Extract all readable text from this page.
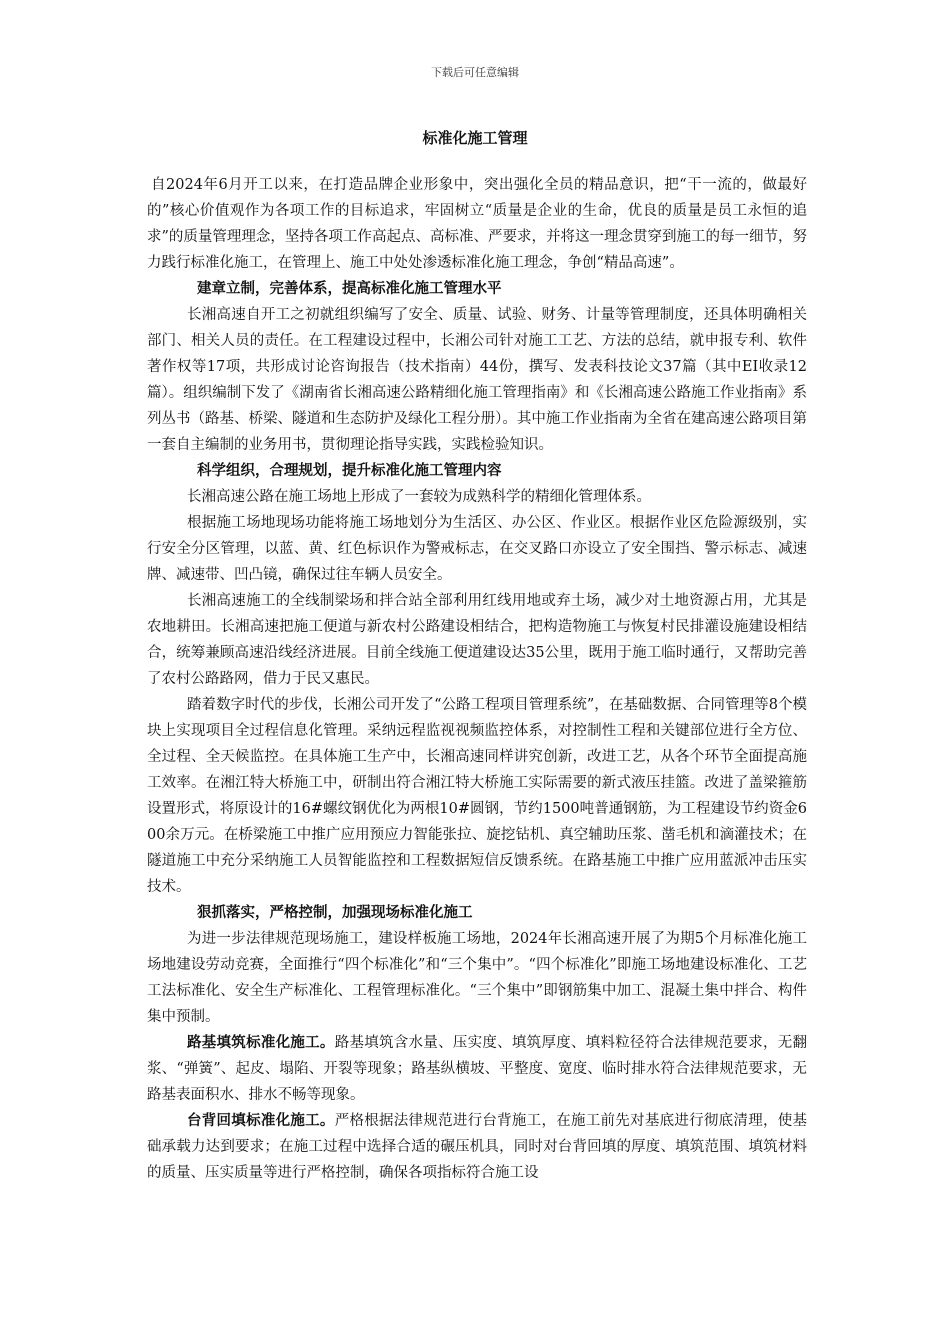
下载后可任意编辑
标准化施工管理

自2024年6月开工以来，在打造品牌企业形象中，突出强化全员的精品意识，把“干一流的，做最好的”核心价值观作为各项工作的目标追求，牢固树立“质量是企业的生命，优良的质量是员工永恒的追求”的质量管理理念，坚持各项工作高起点、高标准、严要求，并将这一理念贯穿到施工的每一细节，努力践行标准化施工，在管理上、施工中处处渗透标准化施工理念，争创“精品高速”。

建章立制，完善体系，提高标准化施工管理水平

长湘高速自开工之初就组织编写了安全、质量、试验、财务、计量等管理制度，还具体明确相关部门、相关人员的责任。在工程建设过程中，长湘公司针对施工工艺、方法的总结，就申报专利、软件著作权等17项，共形成讨论咨询报告（技术指南）44份，撰写、发表科技论文37篇（其中EI收录12篇）。组织编制下发了《湖南省长湘高速公路精细化施工管理指南》和《长湘高速公路施工作业指南》系列丛书（路基、桥梁、隧道和生态防护及绿化工程分册）。其中施工作业指南为全省在建高速公路项目第一套自主编制的业务用书，贯彻理论指导实践，实践检验知识。

科学组织，合理规划，提升标准化施工管理内容

长湘高速公路在施工场地上形成了一套较为成熟科学的精细化管理体系。

根据施工场地现场功能将施工场地划分为生活区、办公区、作业区。根据作业区危险源级别，实行安全分区管理，以蓝、黄、红色标识作为警戒标志，在交叉路口亦设立了安全围挡、警示标志、减速牌、减速带、凹凸镜，确保过往车辆人员安全。

长湘高速施工的全线制梁场和拌合站全部利用红线用地或弃土场，减少对土地资源占用，尤其是农地耕田。长湘高速把施工便道与新农村公路建设相结合，把构造物施工与恢复村民排灌设施建设相结合，统筹兼顾高速沿线经济进展。目前全线施工便道建设达35公里，既用于施工临时通行，又帮助完善了农村公路路网，借力于民又惠民。

踏着数字时代的步伐，长湘公司开发了“公路工程项目管理系统”，在基础数据、合同管理等8个模块上实现项目全过程信息化管理。采纳远程监视视频监控体系，对控制性工程和关键部位进行全方位、全过程、全天候监控。在具体施工生产中，长湘高速同样讲究创新，改进工艺，从各个环节全面提高施工效率。在湘江特大桥施工中，研制出符合湘江特大桥施工实际需要的新式液压挂篮。改进了盖梁箍筋设置形式，将原设计的16#螺纹钢优化为两根10#圆钢，节约1500吨普通钢筋，为工程建设节约资金600余万元。在桥梁施工中推广应用预应力智能张拉、旋挖钻机、真空辅助压浆、凿毛机和滴灌技术；在隧道施工中充分采纳施工人员智能监控和工程数据短信反馈系统。在路基施工中推广应用蓝派冲击压实技术。

狠抓落实，严格控制，加强现场标准化施工

为进一步法律规范现场施工，建设样板施工场地，2024年长湘高速开展了为期5个月标准化施工场地建设劳动竞赛，全面推行“四个标准化”和“三个集中”。“四个标准化”即施工场地建设标准化、工艺工法标准化、安全生产标准化、工程管理标准化。“三个集中”即钢筋集中加工、混凝土集中拌合、构件集中预制。

路基填筑标准化施工。路基填筑含水量、压实度、填筑厚度、填料粒径符合法律规范要求，无翻浆、“弹簧”、起皮、塌陷、开裂等现象；路基纵横坡、平整度、宽度、临时排水符合法律规范要求，无路基表面积水、排水不畅等现象。

台背回填标准化施工。严格根据法律规范进行台背施工，在施工前先对基底进行彻底清理，使基础承载力达到要求；在施工过程中选择合适的碾压机具，同时对台背回填的厚度、填筑范围、填筑材料的质量、压实质量等进行严格控制，确保各项指标符合施工设
